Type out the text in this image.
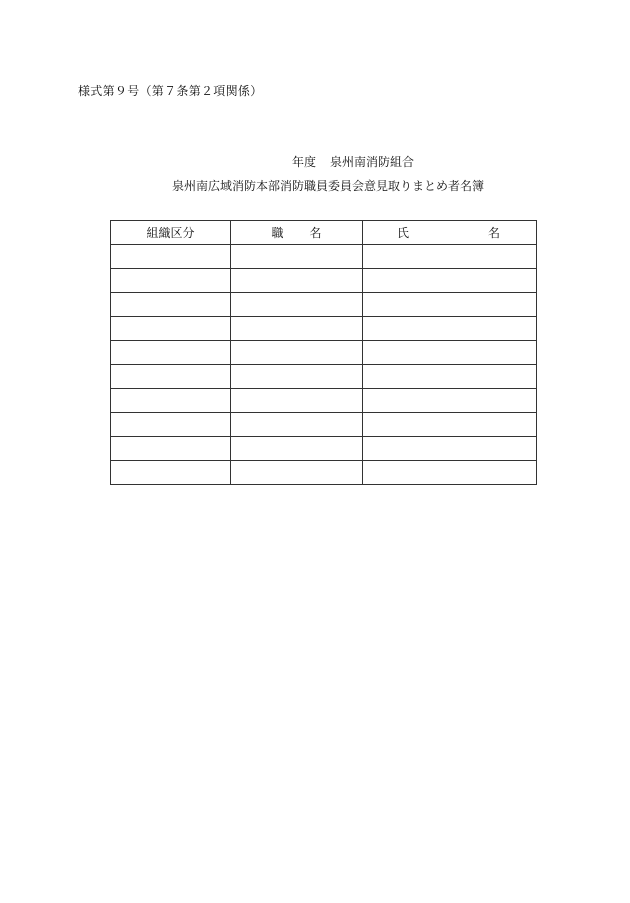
様式第９号（第７条第２項関係）
年度 泉州南消防組合
泉州南広域消防本部消防職員委員会意見取りまとめ者名簿
組織区分	職 名	氏 名
